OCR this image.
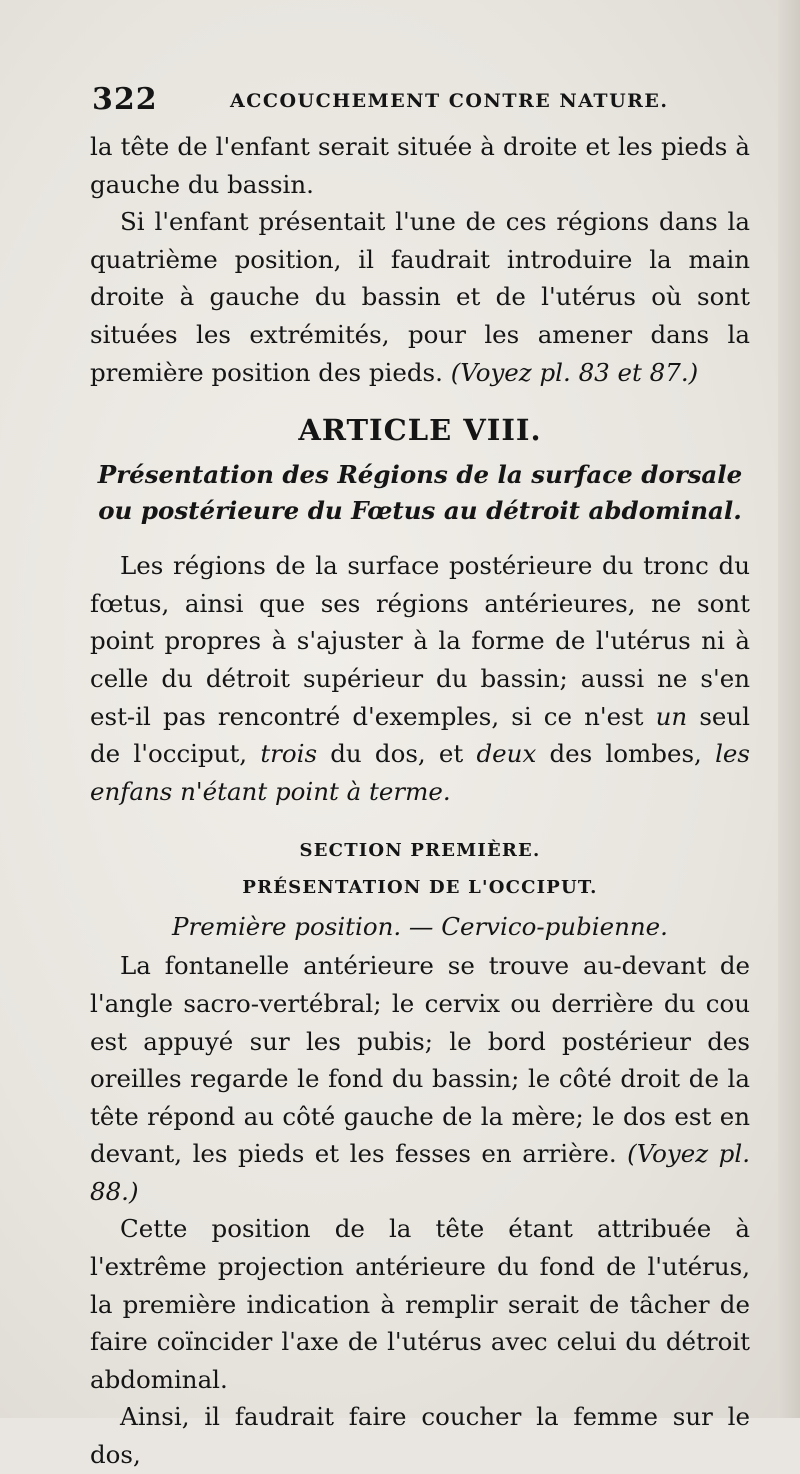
322	ACCOUCHEMENT CONTRE NATURE.

la tête de l'enfant serait située à droite et les pieds à gauche du bassin.

Si l'enfant présentait l'une de ces régions dans la quatrième position, il faudrait introduire la main droite à gauche du bassin et de l'utérus où sont situées les extrémités, pour les amener dans la première position des pieds. (Voyez pl. 83 et 87.)

ARTICLE VIII.
Présentation des Régions de la surface dorsale ou postérieure du Fœtus au détroit abdominal.

Les régions de la surface postérieure du tronc du fœtus, ainsi que ses régions antérieures, ne sont point propres à s'ajuster à la forme de l'utérus ni à celle du détroit supérieur du bassin; aussi ne s'en est-il pas rencontré d'exemples, si ce n'est un seul de l'occiput, trois du dos, et deux des lombes, les enfans n'étant point à terme.

SECTION PREMIÈRE.
PRÉSENTATION DE L'OCCIPUT.
Première position. — Cervico-pubienne.

La fontanelle antérieure se trouve au-devant de l'angle sacro-vertébral; le cervix ou derrière du cou est appuyé sur les pubis; le bord postérieur des oreilles regarde le fond du bassin; le côté droit de la tête répond au côté gauche de la mère; le dos est en devant, les pieds et les fesses en arrière. (Voyez pl. 88.)

Cette position de la tête étant attribuée à l'extrême projection antérieure du fond de l'utérus, la première indication à remplir serait de tâcher de faire coïncider l'axe de l'utérus avec celui du détroit abdominal.

Ainsi, il faudrait faire coucher la femme sur le dos,
